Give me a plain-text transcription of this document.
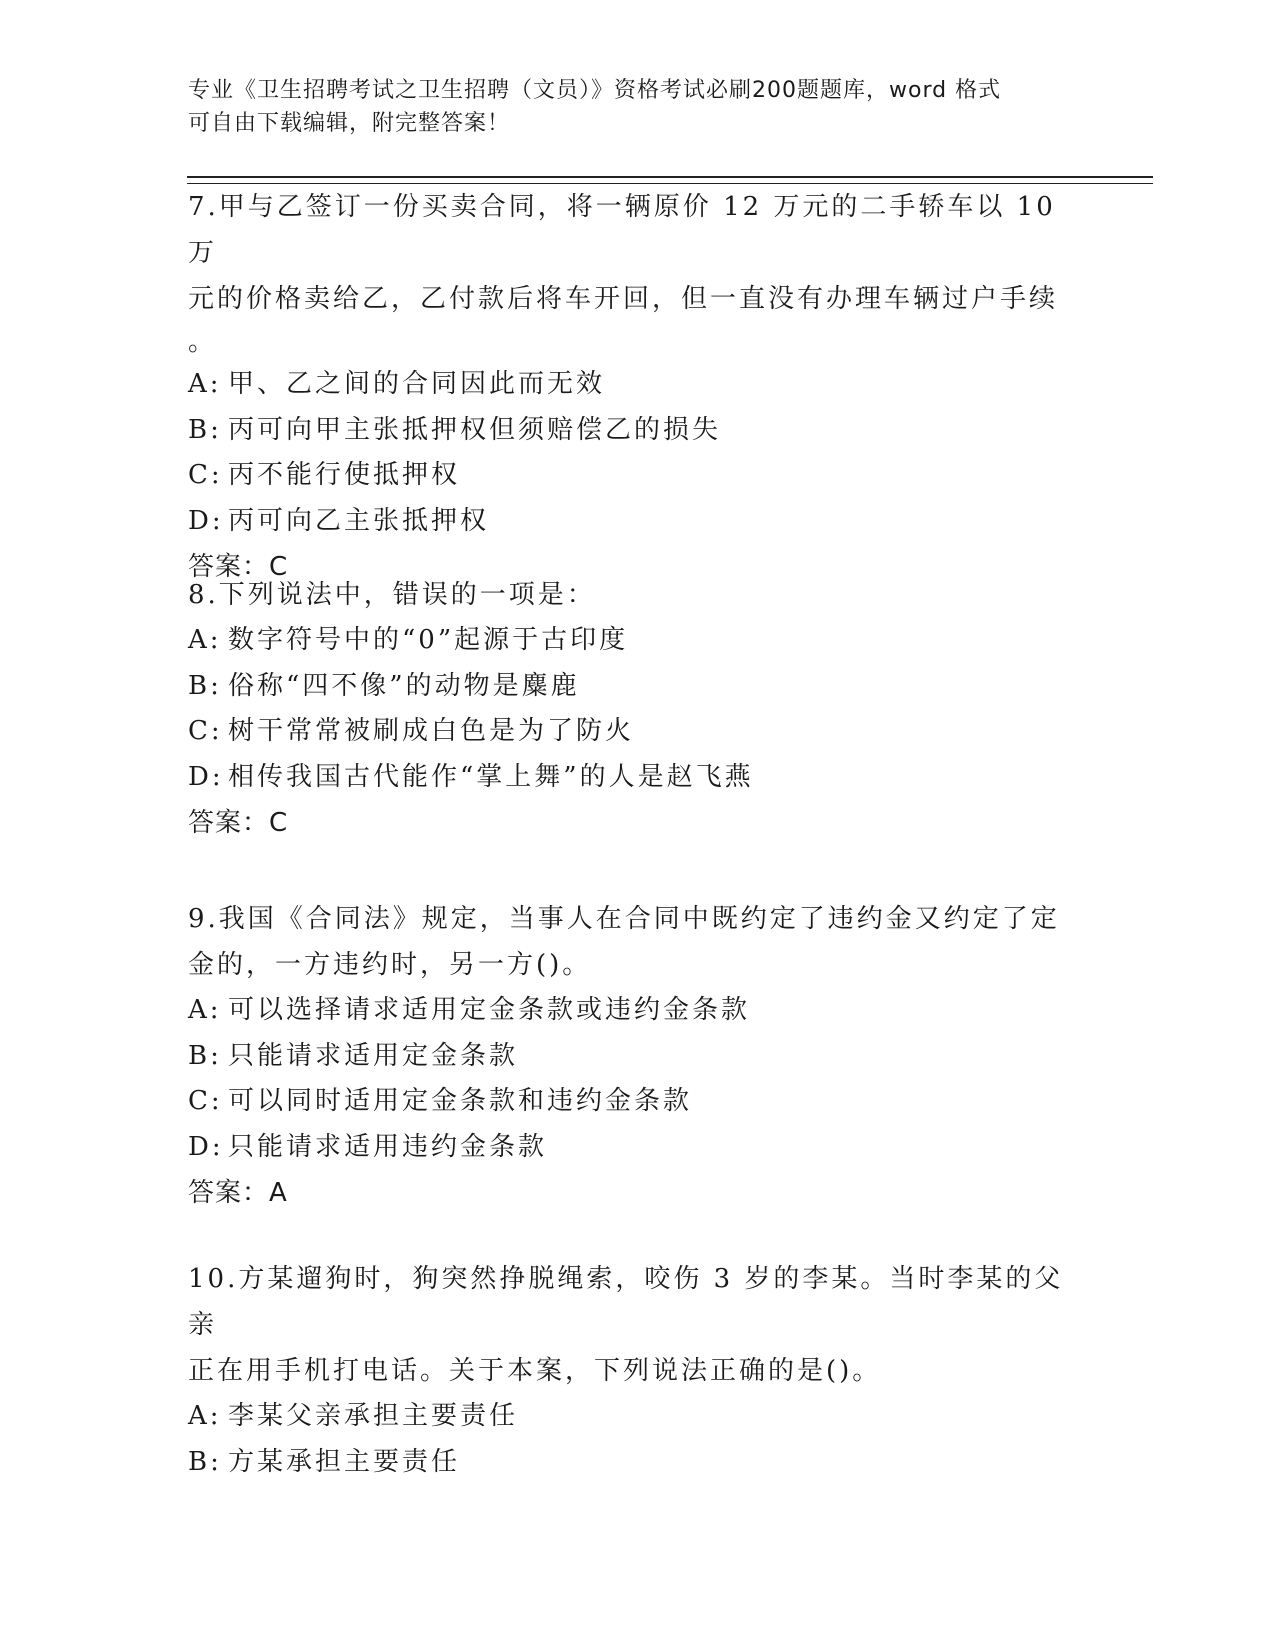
专业《卫生招聘考试之卫生招聘（文员）》资格考试必刷200题题库，word 格式
可自由下载编辑，附完整答案！
7.甲与乙签订一份买卖合同，将一辆原价 12 万元的二手轿车以 10 万
元的价格卖给乙，乙付款后将车开回，但一直没有办理车辆过户手续
。
A: 甲、乙之间的合同因此而无效
B: 丙可向甲主张抵押权但须赔偿乙的损失
C: 丙不能行使抵押权
D: 丙可向乙主张抵押权
答案：C
8.下列说法中，错误的一项是：
A: 数字符号中的“0”起源于古印度
B: 俗称“四不像”的动物是麋鹿
C: 树干常常被刷成白色是为了防火
D: 相传我国古代能作“掌上舞”的人是赵飞燕
答案：C
9.我国《合同法》规定，当事人在合同中既约定了违约金又约定了定
金的，一方违约时，另一方()。
A: 可以选择请求适用定金条款或违约金条款
B: 只能请求适用定金条款
C: 可以同时适用定金条款和违约金条款
D: 只能请求适用违约金条款
答案：A
10.方某遛狗时，狗突然挣脱绳索，咬伤 3 岁的李某。当时李某的父亲
正在用手机打电话。关于本案，下列说法正确的是()。
A: 李某父亲承担主要责任
B: 方某承担主要责任
